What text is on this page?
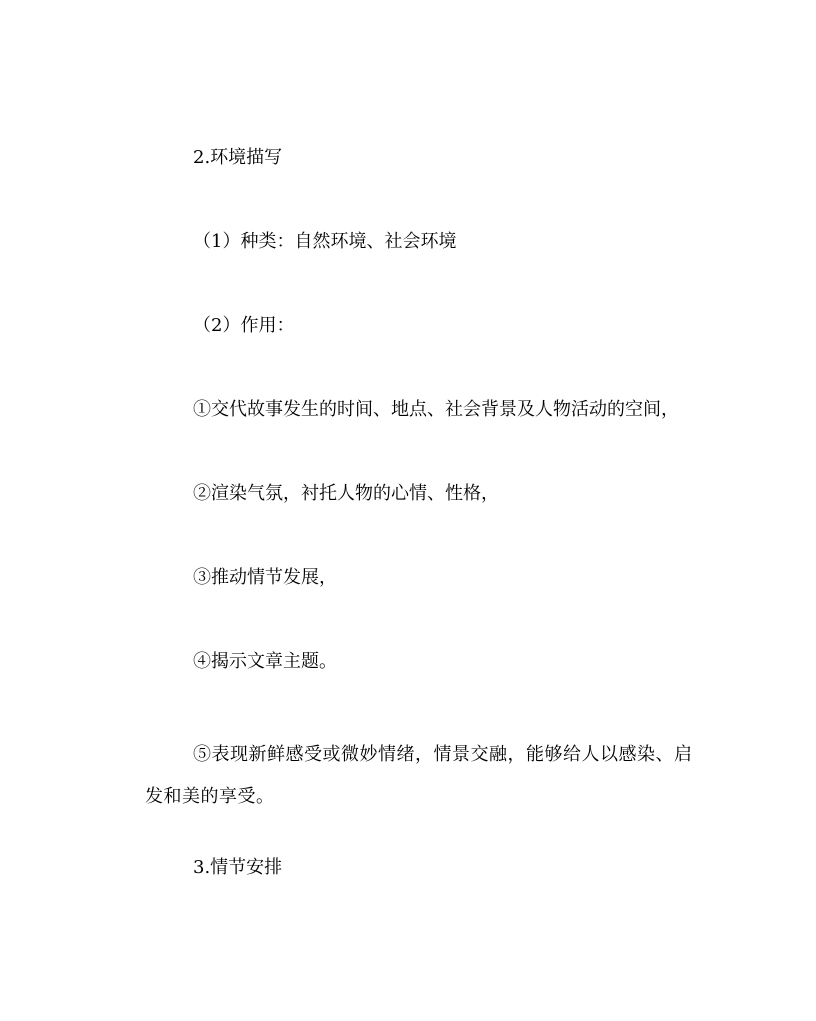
2.环境描写
（1）种类：自然环境、社会环境
（2）作用：
①交代故事发生的时间、地点、社会背景及人物活动的空间，
②渲染气氛，衬托人物的心情、性格，
③推动情节发展，
④揭示文章主题。
⑤表现新鲜感受或微妙情绪，情景交融，能够给人以感染、启发和美的享受。
3.情节安排
